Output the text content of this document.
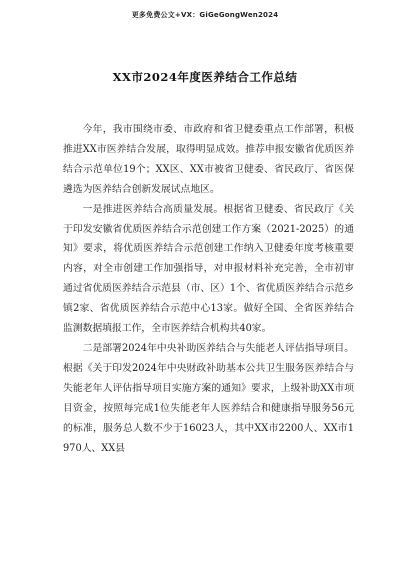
更多免费公文+VX：GiGeGongWen2024
XX市2024年度医养结合工作总结

今年，我市围绕市委、市政府和省卫健委重点工作部署，积极推进XX市医养结合发展，取得明显成效。推荐申报安徽省优质医养结合示范单位19个；XX区、XX市被省卫健委、省民政厅、省医保遴选为医养结合创新发展试点地区。

一是推进医养结合高质量发展。根据省卫健委、省民政厅《关于印发安徽省优质医养结合示范创建工作方案（2021-2025）的通知》要求，将优质医养结合示范创建工作纳入卫健委年度考核重要内容，对全市创建工作加强指导，对申报材料补充完善，全市初审通过省优质医养结合示范县（市、区）1个、省优质医养结合示范乡镇2家、省优质医养结合示范中心13家。做好全国、全省医养结合监测数据填报工作，全市医养结合机构共40家。

二是部署2024年中央补助医养结合与失能老人评估指导项目。根据《关于印发2024年中央财政补助基本公共卫生服务医养结合与失能老年人评估指导项目实施方案的通知》要求，上级补助XX市项目资金，按照每完成1位失能老年人医养结合和健康指导服务56元的标准，服务总人数不少于16023人，其中XX市2200人、XX市1970人、XX县
